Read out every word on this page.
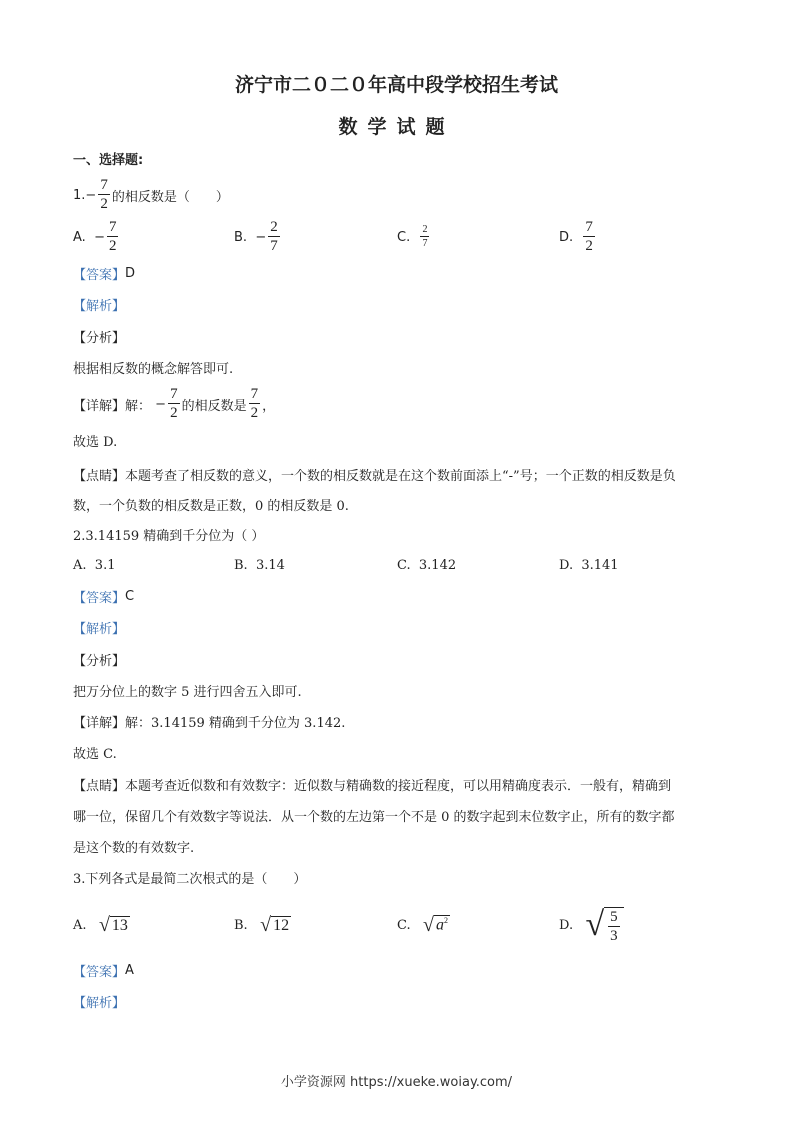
济宁市二０二０年高中段学校招生考试
数学试题
一、选择题:
1. − $\frac{7}{2}$ 的相反数是（　　）
A.
− $\frac{7}{2}$	B.
− $\frac{2}{7}$	C.
$\frac{2}{7}$	D.
$\frac{7}{2}$
【答案】 D
【解析】
【分析】
根据相反数的概念解答即可.
【详解】 解：
− $\frac{7}{2}$ 的相反数是 $\frac{7}{2}$ ，
故选 D.
【点睛】 本题考查了相反数的意义，一个数的相反数就是在这个数前面添上“-”号；一个正数的相反数是负
数，一个负数的相反数是正数，0 的相反数是 0.
2.3.14159 精确到千分位为（ ）
A.
3.1	B.
3.14	C.
3.142	D.
3.141
【答案】 C
【解析】
【分析】
把万分位上的数字 5 进行四舍五入即可.
【详解】 解：3.14159 精确到千分位为 3.142.
故选 C.
【点睛】 本题考查近似数和有效数字：近似数与精确数的接近程度，可以用精确度表示．一般有，精确到
哪一位，保留几个有效数字等说法．从一个数的左边第一个不是 0 的数字起到末位数字止，所有的数字都
是这个数的有效数字.
3.下列各式是最简二次根式的是（　　）
A.
√ 13	B.
√ 12	C.
√ $a^2$	D.
√ $\frac{5}{3}$
【答案】 A
【解析】
小学资源网 https://xueke.woiay.com/
